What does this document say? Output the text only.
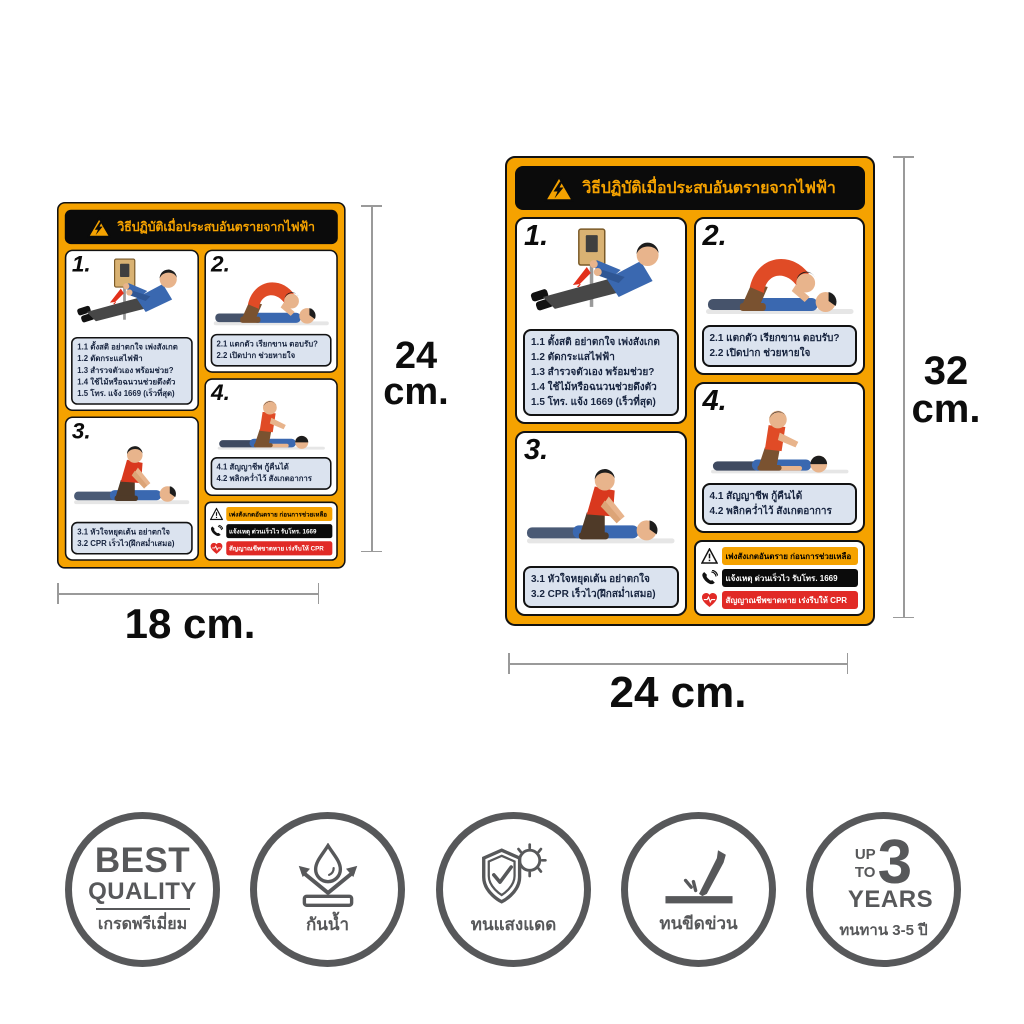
วิธีปฏิบัติเมื่อประสบอันตรายจากไฟฟ้า
1.
1.1 ตั้งสติ อย่าตกใจ เพ่งสังเกต
1.2 ตัดกระแสไฟฟ้า
1.3 สำรวจตัวเอง พร้อมช่วย?
1.4 ใช้ไม้หรือฉนวนช่วยดึงตัว
1.5 โทร. แจ้ง 1669 (เร็วที่สุด)
3.
3.1 หัวใจหยุดเต้น อย่าตกใจ
3.2 CPR เร็วไว(ฝึกสม่ำเสมอ)
2.
2.1 แตกตัว เรียกขาน ตอบรับ?
2.2 เปิดปาก ช่วยหายใจ
4.
4.1 สัญญาชีพ กู้คืนได้
4.2 พลิกคว่ำไว้ สังเกตอาการ
เพ่งสังเกตอันตราย ก่อนการช่วยเหลือ
แจ้งเหตุ ด่วนเร็วไว รับโทร. 1669
สัญญาณชีพขาดหาย เร่งรีบให้ CPR
วิธีปฏิบัติเมื่อประสบอันตรายจากไฟฟ้า
1.
1.1 ตั้งสติ อย่าตกใจ เพ่งสังเกต
1.2 ตัดกระแสไฟฟ้า
1.3 สำรวจตัวเอง พร้อมช่วย?
1.4 ใช้ไม้หรือฉนวนช่วยดึงตัว
1.5 โทร. แจ้ง 1669 (เร็วที่สุด)
3.
3.1 หัวใจหยุดเต้น อย่าตกใจ
3.2 CPR เร็วไว(ฝึกสม่ำเสมอ)
2.
2.1 แตกตัว เรียกขาน ตอบรับ?
2.2 เปิดปาก ช่วยหายใจ
4.
4.1 สัญญาชีพ กู้คืนได้
4.2 พลิกคว่ำไว้ สังเกตอาการ
เพ่งสังเกตอันตราย ก่อนการช่วยเหลือ
แจ้งเหตุ ด่วนเร็วไว รับโทร. 1669
สัญญาณชีพขาดหาย เร่งรีบให้ CPR
24
cm.
18 cm.
32
cm.
24 cm.
BEST
QUALITY
เกรดพรีเมี่ยม	กันน้ำ	ทนแสงแดด	ทนขีดข่วน
UP
TO 3
YEARS
ทนทาน 3-5 ปี
